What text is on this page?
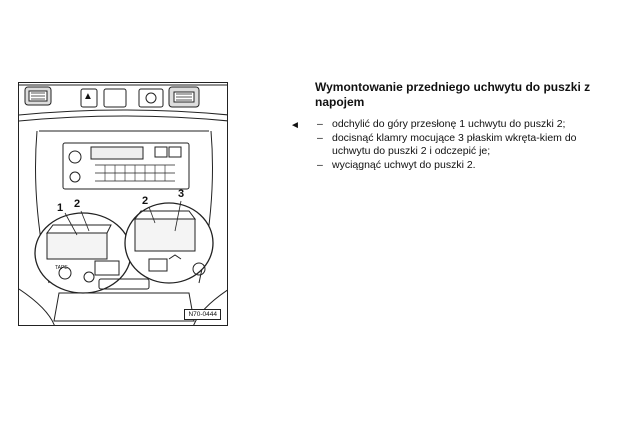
1 2	2
3
▲
TAPE
N70-0444
◄
Wymontowanie przedniego uchwytu do puszki z napojem
– odchylić do góry przesłonę 1 uchwytu do puszki 2;
– docisnąć klamry mocujące 3 płaskim wkręta-kiem do uchwytu do puszki 2 i odczepić je;
– wyciągnąć uchwyt do puszki 2.
